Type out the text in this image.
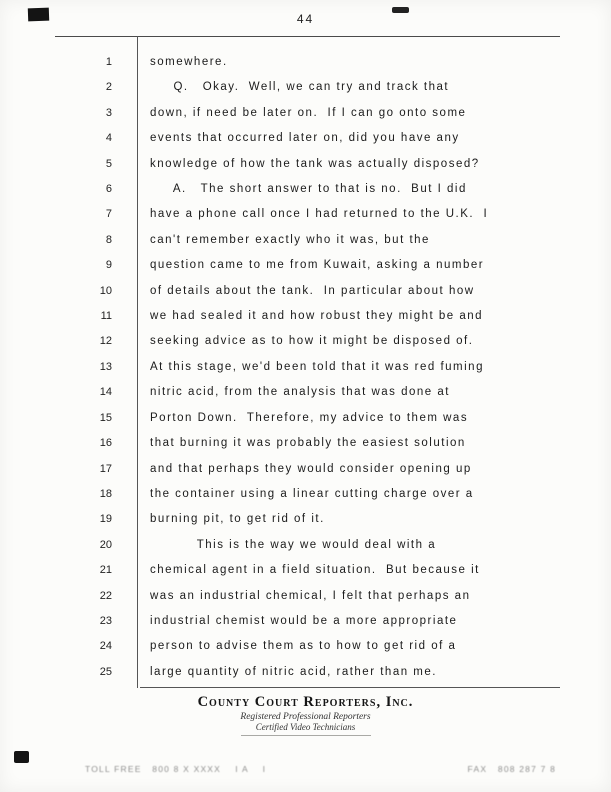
44
1	somewhere.
2	Q.   Okay.  Well, we can try and track that
3	down, if need be later on.  If I can go onto some
4	events that occurred later on, did you have any
5	knowledge of how the tank was actually disposed?
6	A.   The short answer to that is no.  But I did
7	have a phone call once I had returned to the U.K.  I
8	can't remember exactly who it was, but the
9	question came to me from Kuwait, asking a number
10	of details about the tank.  In particular about how
11	we had sealed it and how robust they might be and
12	seeking advice as to how it might be disposed of.
13	At this stage, we'd been told that it was red fuming
14	nitric acid, from the analysis that was done at
15	Porton Down.  Therefore, my advice to them was
16	that burning it was probably the easiest solution
17	and that perhaps they would consider opening up
18	the container using a linear cutting charge over a
19	burning pit, to get rid of it.
20	This is the way we would deal with a
21	chemical agent in a field situation.  But because it
22	was an industrial chemical, I felt that perhaps an
23	industrial chemist would be a more appropriate
24	person to advise them as to how to get rid of a
25	large quantity of nitric acid, rather than me.
County Court Reporters, Inc.
Registered Professional Reporters
Certified Video Technicians
TOLL FREE   800 8 X XXXX    I A    I	FAX   808 287 7 8
